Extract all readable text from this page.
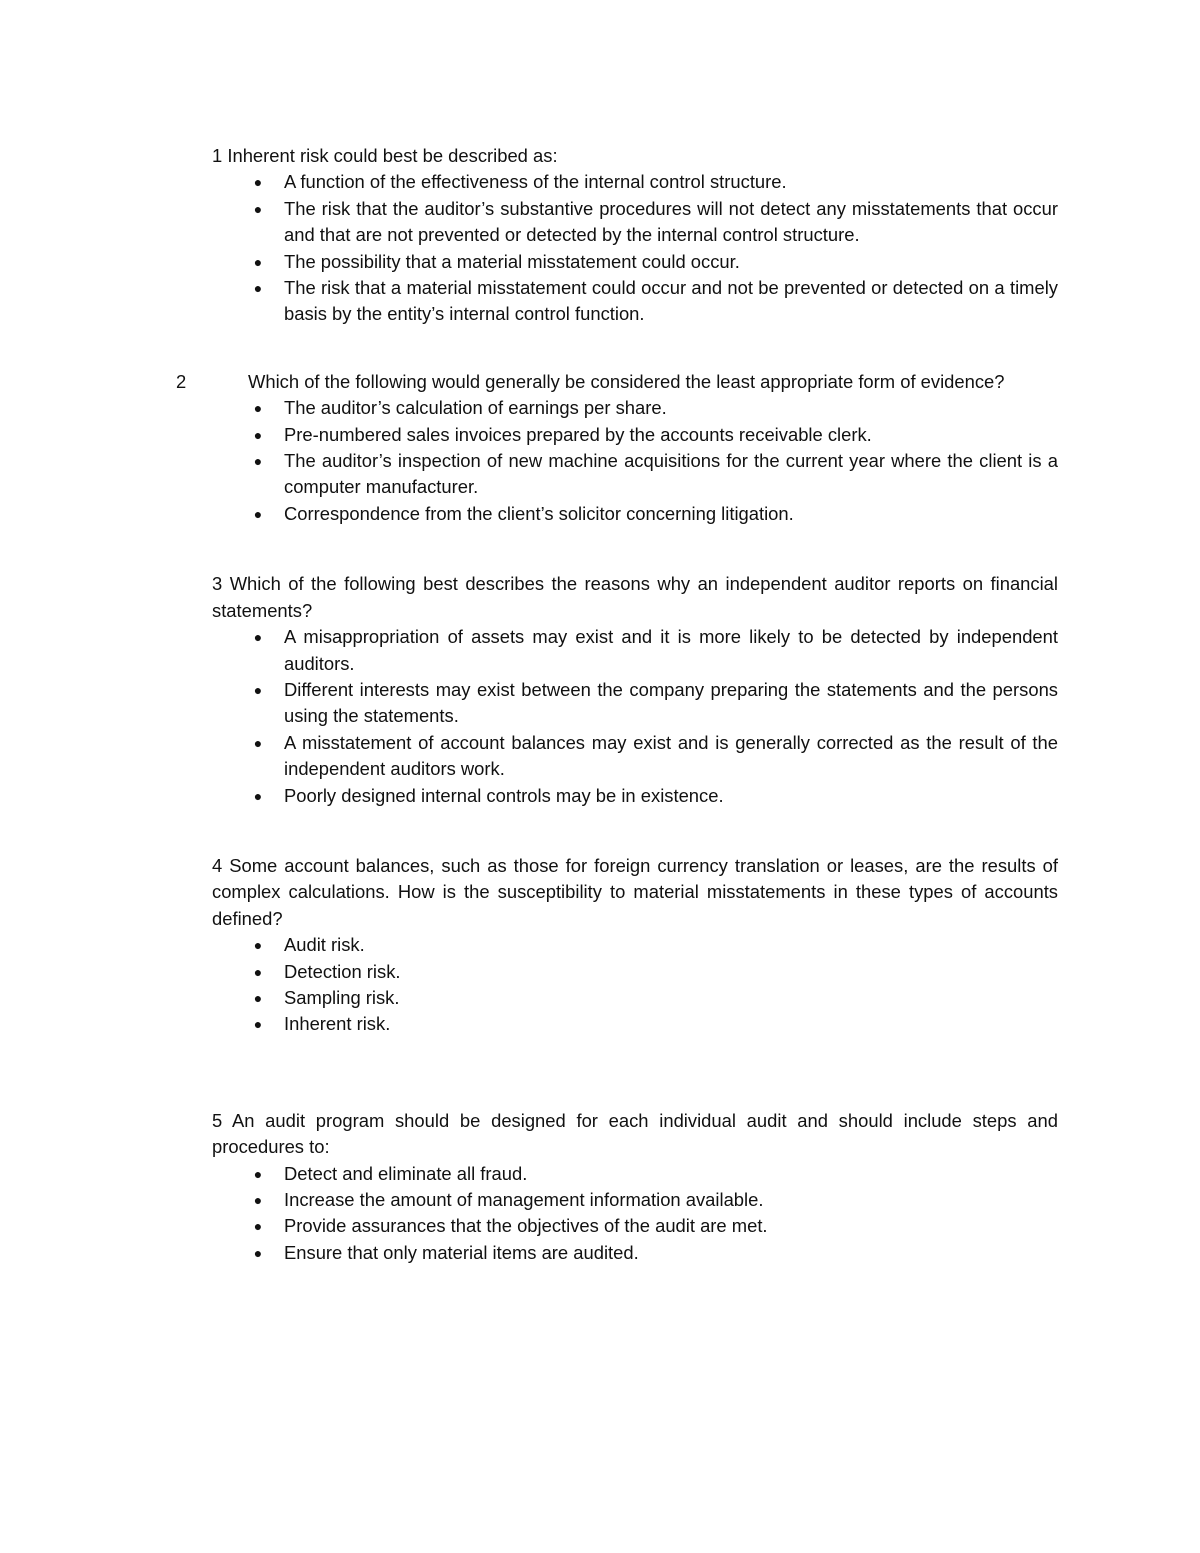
1 Inherent risk could best be described as:

● A function of the effectiveness of the internal control structure.
● The risk that the auditor’s substantive procedures will not detect any misstatements that occur and that are not prevented or detected by the internal control structure.
● The possibility that a material misstatement could occur.
● The risk that a material misstatement could occur and not be prevented or detected on a timely basis by the entity’s internal control function.

2	Which of the following would generally be considered the least appropriate form of evidence?

● The auditor’s calculation of earnings per share.
● Pre-numbered sales invoices prepared by the accounts receivable clerk.
● The auditor’s inspection of new machine acquisitions for the current year where the client is a computer manufacturer.
● Correspondence from the client’s solicitor concerning litigation.

3 Which of the following best describes the reasons why an independent auditor reports on financial statements?

● A misappropriation of assets may exist and it is more likely to be detected by independent auditors.
● Different interests may exist between the company preparing the statements and the persons using the statements.
● A misstatement of account balances may exist and is generally corrected as the result of the independent auditors work.
● Poorly designed internal controls may be in existence.

4 Some account balances, such as those for foreign currency translation or leases, are the results of complex calculations. How is the susceptibility to material misstatements in these types of accounts defined?

● Audit risk.
● Detection risk.
● Sampling risk.
● Inherent risk.

5 An audit program should be designed for each individual audit and should include steps and procedures to:

● Detect and eliminate all fraud.
● Increase the amount of management information available.
● Provide assurances that the objectives of the audit are met.
● Ensure that only material items are audited.
